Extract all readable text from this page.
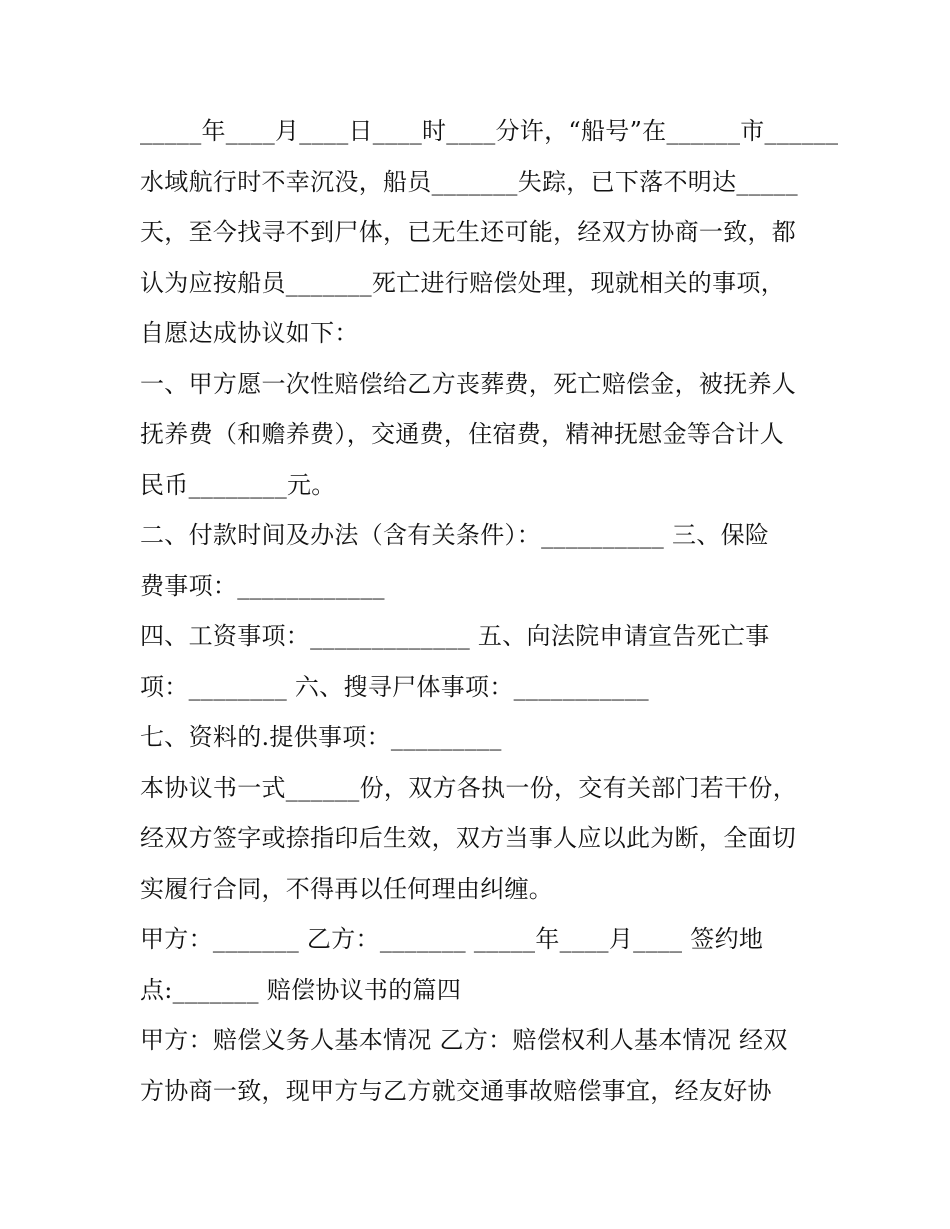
_____年____月____日____时____分许，“船号”在______市______
水域航行时不幸沉没，船员_______失踪，已下落不明达_____
天，至今找寻不到尸体，已无生还可能，经双方协商一致，都
认为应按船员_______死亡进行赔偿处理，现就相关的事项，
自愿达成协议如下：
一、甲方愿一次性赔偿给乙方丧葬费，死亡赔偿金，被抚养人
抚养费（和赡养费），交通费，住宿费，精神抚慰金等合计人
民币________元。
二、付款时间及办法（含有关条件）：__________ 三、保险
费事项：____________
四、工资事项：_____________ 五、向法院申请宣告死亡事
项：________ 六、搜寻尸体事项：___________
七、资料的.提供事项：_________
本协议书一式______份，双方各执一份，交有关部门若干份，
经双方签字或捺指印后生效，双方当事人应以此为断，全面切
实履行合同，不得再以任何理由纠缠。
甲方：_______ 乙方：_______ _____年____月____ 签约地
点:_______ 赔偿协议书的篇四
甲方：赔偿义务人基本情况 乙方：赔偿权利人基本情况 经双
方协商一致，现甲方与乙方就交通事故赔偿事宜，经友好协
